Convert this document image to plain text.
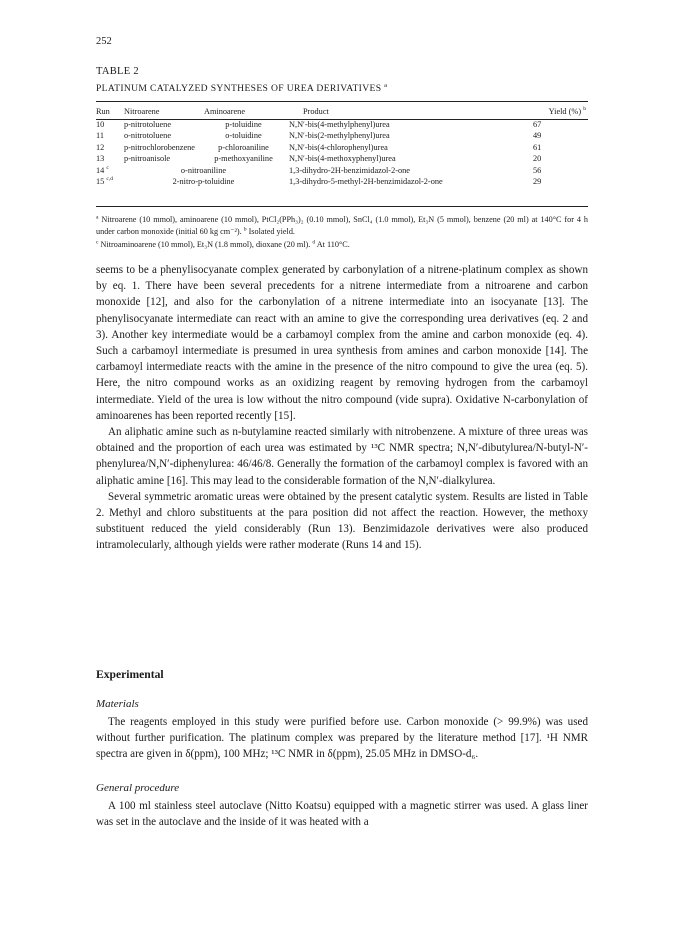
252
TABLE 2
PLATINUM CATALYZED SYNTHESES OF UREA DERIVATIVES $^a$
Run	Nitroarene	Aminoarene	Product	Yield (%) $^b$
10	p-nitrotoluene	p-toluidine	N,N′-bis(4-methylphenyl)urea	67
11	o-nitrotoluene	o-toluidine	N,N′-bis(2-methylphenyl)urea	49
12	p-nitrochlorobenzene	p-chloroaniline	N,N′-bis(4-chlorophenyl)urea	61
13	p-nitroanisole	p-methoxyaniline	N,N′-bis(4-methoxyphenyl)urea	20
14 $^c$	o-nitroaniline		1,3-dihydro-2H-benzimidazol-2-one	56
15 $^{c,d}$	2-nitro-p-toluidine		1,3-dihydro-5-methyl-2H-benzimidazol-2-one	29

$^a$ Nitroarene (10 mmol), aminoarene (10 mmol), PtCl₂(PPh₃)₂ (0.10 mmol), SnCl₄ (1.0 mmol), Et₃N (5 mmol), benzene (20 ml) at 140°C for 4 h under carbon monoxide (initial 60 kg cm⁻²). $^b$ Isolated yield.

$^c$ Nitroaminoarene (10 mmol), Et₃N (1.8 mmol), dioxane (20 ml). $^d$ At 110°C.

seems to be a phenylisocyanate complex generated by carbonylation of a nitrene-platinum complex as shown by eq. 1. There have been several precedents for a nitrene intermediate from a nitroarene and carbon monoxide [12], and also for the carbonylation of a nitrene intermediate into an isocyanate [13]. The phenylisocyanate intermediate can react with an amine to give the corresponding urea derivatives (eq. 2 and 3). Another key intermediate would be a carbamoyl complex from the amine and carbon monoxide (eq. 4). Such a carbamoyl intermediate is presumed in urea synthesis from amines and carbon monoxide [14]. The carbamoyl intermediate reacts with the amine in the presence of the nitro compound to give the urea (eq. 5). Here, the nitro compound works as an oxidizing reagent by removing hydrogen from the carbamoyl intermediate. Yield of the urea is low without the nitro compound (vide supra). Oxidative N-carbonylation of aminoarenes has been reported recently [15].

An aliphatic amine such as n-butylamine reacted similarly with nitrobenzene. A mixture of three ureas was obtained and the proportion of each urea was estimated by ¹³C NMR spectra; N,N′-dibutylurea/N-butyl-N′-phenylurea/N,N′-diphenylurea: 46/46/8. Generally the formation of the carbamoyl complex is favored with an aliphatic amine [16]. This may lead to the considerable formation of the N,N′-dialkylurea.

Several symmetric aromatic ureas were obtained by the present catalytic system. Results are listed in Table 2. Methyl and chloro substituents at the para position did not affect the reaction. However, the methoxy substituent reduced the yield considerably (Run 13). Benzimidazole derivatives were also produced intramolecularly, although yields were rather moderate (Runs 14 and 15).

Experimental
Materials

The reagents employed in this study were purified before use. Carbon monoxide (> 99.9%) was used without further purification. The platinum complex was prepared by the literature method [17]. ¹H NMR spectra are given in δ(ppm), 100 MHz; ¹³C NMR in δ(ppm), 25.05 MHz in DMSO-d₆.

General procedure

A 100 ml stainless steel autoclave (Nitto Koatsu) equipped with a magnetic stirrer was used. A glass liner was set in the autoclave and the inside of it was heated with a
